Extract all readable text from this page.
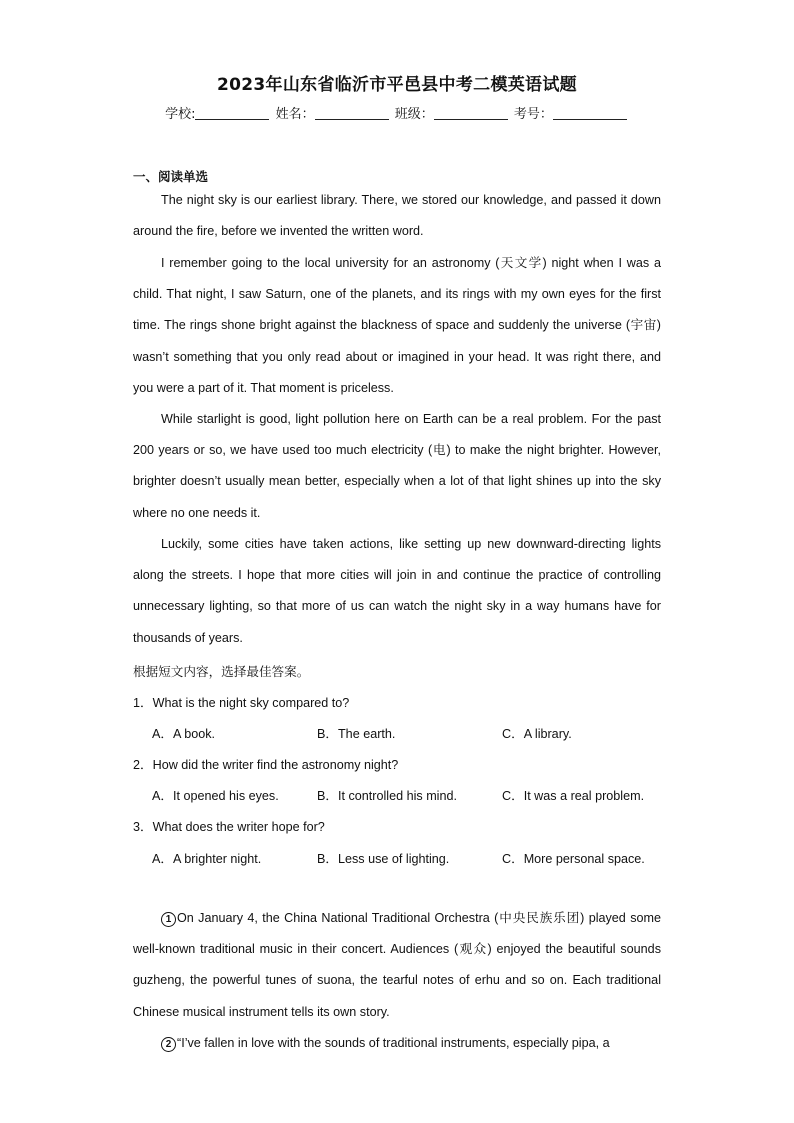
2023年山东省临沂市平邑县中考二模英语试题
学校:	姓名：	班级：	考号：
一、阅读单选
The night sky is our earliest library. There, we stored our knowledge, and passed it down around the fire, before we invented the written word.
I remember going to the local university for an astronomy (天文学) night when I was a child. That night, I saw Saturn, one of the planets, and its rings with my own eyes for the first time. The rings shone bright against the blackness of space and suddenly the universe (宇宙) wasn’t something that you only read about or imagined in your head. It was right there, and you were a part of it. That moment is priceless.
While starlight is good, light pollution here on Earth can be a real problem. For the past 200 years or so, we have used too much electricity (电) to make the night brighter. However, brighter doesn’t usually mean better, especially when a lot of that light shines up into the sky where no one needs it.
Luckily, some cities have taken actions, like setting up new downward-directing lights along the streets. I hope that more cities will join in and continue the practice of controlling unnecessary lighting, so that more of us can watch the night sky in a way humans have for thousands of years.
根据短文内容，选择最佳答案。
1．What is the night sky compared to?
A．A book.	B．The earth.	C．A library.
2．How did the writer find the astronomy night?
A．It opened his eyes.	B．It controlled his mind.	C．It was a real problem.
3．What does the writer hope for?
A．A brighter night.	B．Less use of lighting.	C．More personal space.
1 On January 4, the China National Traditional Orchestra (中央民族乐团) played some well-known traditional music in their concert. Audiences (观众) enjoyed the beautiful sounds guzheng, the powerful tunes of suona, the tearful notes of erhu and so on. Each traditional Chinese musical instrument tells its own story.
2 “I’ve fallen in love with the sounds of traditional instruments, especially pipa, a
